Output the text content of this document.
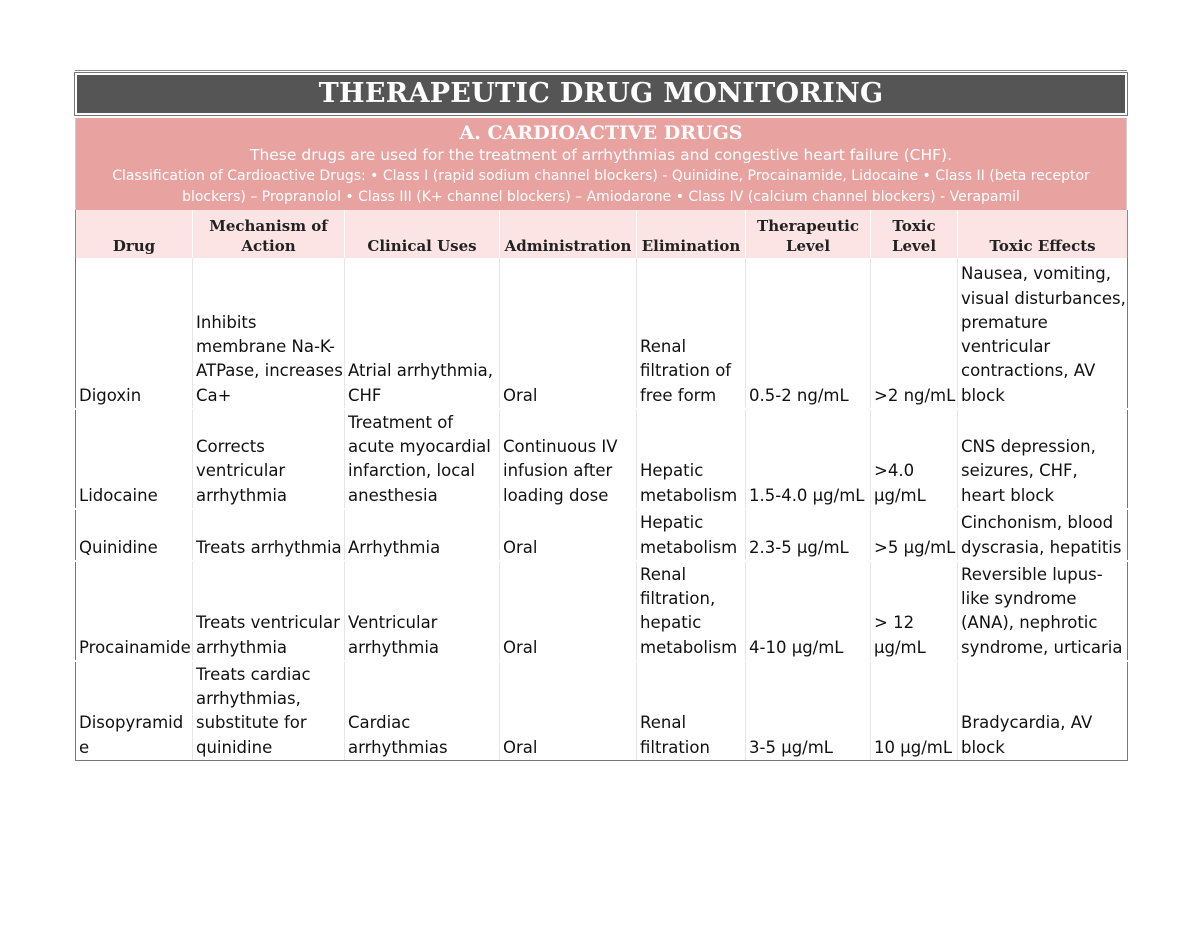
THERAPEUTIC DRUG MONITORING
A. CARDIOACTIVE DRUGS
These drugs are used for the treatment of arrhythmias and congestive heart failure (CHF).
Classification of Cardioactive Drugs: • Class I (rapid sodium channel blockers) - Quinidine, Procainamide, Lidocaine • Class II (beta receptor blockers) – Propranolol • Class III (K+ channel blockers) – Amiodarone • Class IV (calcium channel blockers) - Verapamil
Drug	Mechanism of Action	Clinical Uses	Administration	Elimination	Therapeutic Level	Toxic Level	Toxic Effects
Digoxin	Inhibits membrane Na-K-ATPase, increases Ca+	Atrial arrhythmia, CHF	Oral	Renal filtration of free form	0.5-2 ng/mL	>2 ng/mL	Nausea, vomiting, visual disturbances, premature ventricular contractions, AV block
Lidocaine	Corrects ventricular arrhythmia	Treatment of acute myocardial infarction, local anesthesia	Continuous IV infusion after loading dose	Hepatic metabolism	1.5-4.0 µg/mL	>4.0 µg/mL	CNS depression, seizures, CHF, heart block
Quinidine	Treats arrhythmia	Arrhythmia	Oral	Hepatic metabolism	2.3-5 µg/mL	>5 µg/mL	Cinchonism, blood dyscrasia, hepatitis
Procainamide	Treats ventricular arrhythmia	Ventricular arrhythmia	Oral	Renal filtration, hepatic metabolism	4-10 µg/mL	> 12 µg/mL	Reversible lupus-like syndrome (ANA), nephrotic syndrome, urticaria
Disopyramide	Treats cardiac arrhythmias, substitute for quinidine	Cardiac arrhythmias	Oral	Renal filtration	3-5 µg/mL	10 µg/mL	Bradycardia, AV block
